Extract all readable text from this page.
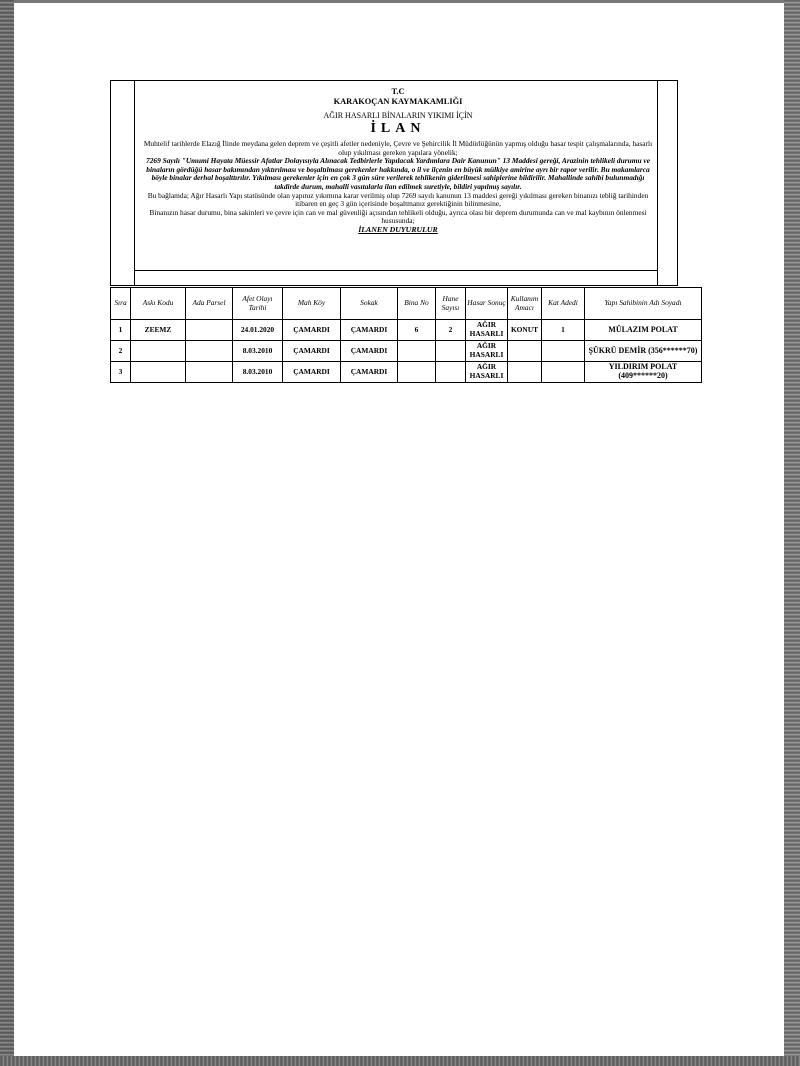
T.C

KARAKOÇAN KAYMAKAMLIĞI

AĞIR HASARLI BİNALARIN YIKIMI İÇİN

İLAN

Muhtelif tarihlerde Elazığ İlinde meydana gelen deprem ve çeşitli afetler nedeniyle, Çevre ve Şehircilik İl Müdürlüğünün yapmış olduğu hasar tespit çalışmalarında, hasarlı olup yıkılması gereken yapılara yönelik;

7269 Sayılı "Umumi Hayata Müessir Afatlar Dolayısıyla Alınacak Tedbirlerle Yapılacak Yardımlara Dair Kanunun" 13 Maddesi gereği, Arazinin tehlikeli durumu ve binaların gördüğü hasar bakımından yıktırılması ve boşaltılması gerekenler hakkında, o il ve ilçenin en büyük mülkiye amirine ayrı bir rapor verilir. Bu makamlarca böyle binalar derhal boşalttırılır. Yıkılması gerekenler için en çok 3 gün süre verilerek tehlikenin giderilmesi sahiplerine bildirilir. Mahallinde sahibi bulunmadığı takdirde durum, mahalli vasıtalarla ilan edilmek suretiyle, bildiri yapılmış sayılır.

Bu bağlamda; Ağır Hasarlı Yapı statüsünde olan yapınız yıkımına karar verilmiş olup 7269 sayılı kanunun 13 maddesi gereği yıkılması gereken binanızı tebliğ tarihinden itibaren en geç 3 gün içerisinde boşaltmanız gerektiğinin bilinmesine,

Binanızın hasar durumu, bina sakinleri ve çevre için can ve mal güvenliği açısından tehlikeli olduğu, ayrıca olası bir deprem durumunda can ve mal kaybının önlenmesi hususunda;

İLANEN DUYURULUR

Sıra	Askı Kodu	Ada Parsel	Afet Olayı Tarihi	Mah Köy	Sokak	Bina No	Hane Sayısı	Hasar Sonuç	Kullanım Amacı	Kat Adedi	Yapı Sahibinin Adı Soyadı
1	ZEEMZ		24.01.2020	ÇAMARDI	ÇAMARDI	6	2	AĞIR HASARLI	KONUT	1	MÜLAZIM POLAT
2			8.03.2010	ÇAMARDI	ÇAMARDI			AĞIR HASARLI			ŞÜKRÜ DEMİR (356******70)
3			8.03.2010	ÇAMARDI	ÇAMARDI			AĞIR HASARLI			YILDIRIM POLAT (409******20)
